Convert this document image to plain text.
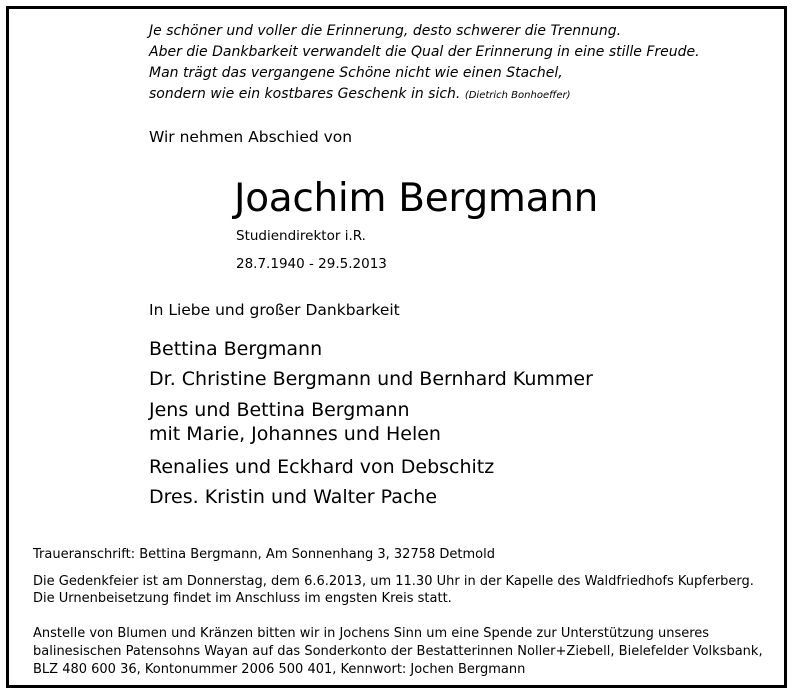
Je schöner und voller die Erinnerung, desto schwerer die Trennung.
Aber die Dankbarkeit verwandelt die Qual der Erinnerung in eine stille Freude.
Man trägt das vergangene Schöne nicht wie einen Stachel,
sondern wie ein kostbares Geschenk in sich. (Dietrich Bonhoeffer)
Wir nehmen Abschied von
Joachim Bergmann
Studiendirektor i.R.
28.7.1940 - 29.5.2013
In Liebe und großer Dankbarkeit
Bettina Bergmann
Dr. Christine Bergmann und Bernhard Kummer
Jens und Bettina Bergmann
mit Marie, Johannes und Helen
Renalies und Eckhard von Debschitz
Dres. Kristin und Walter Pache
Traueranschrift: Bettina Bergmann, Am Sonnenhang 3, 32758 Detmold
Die Gedenkfeier ist am Donnerstag, dem 6.6.2013, um 11.30 Uhr in der Kapelle des Waldfriedhofs Kupferberg.
Die Urnenbeisetzung findet im Anschluss im engsten Kreis statt.
Anstelle von Blumen und Kränzen bitten wir in Jochens Sinn um eine Spende zur Unterstützung unseres
balinesischen Patensohns Wayan auf das Sonderkonto der Bestatterinnen Noller+Ziebell, Bielefelder Volksbank,
BLZ 480 600 36, Kontonummer 2006 500 401, Kennwort: Jochen Bergmann
